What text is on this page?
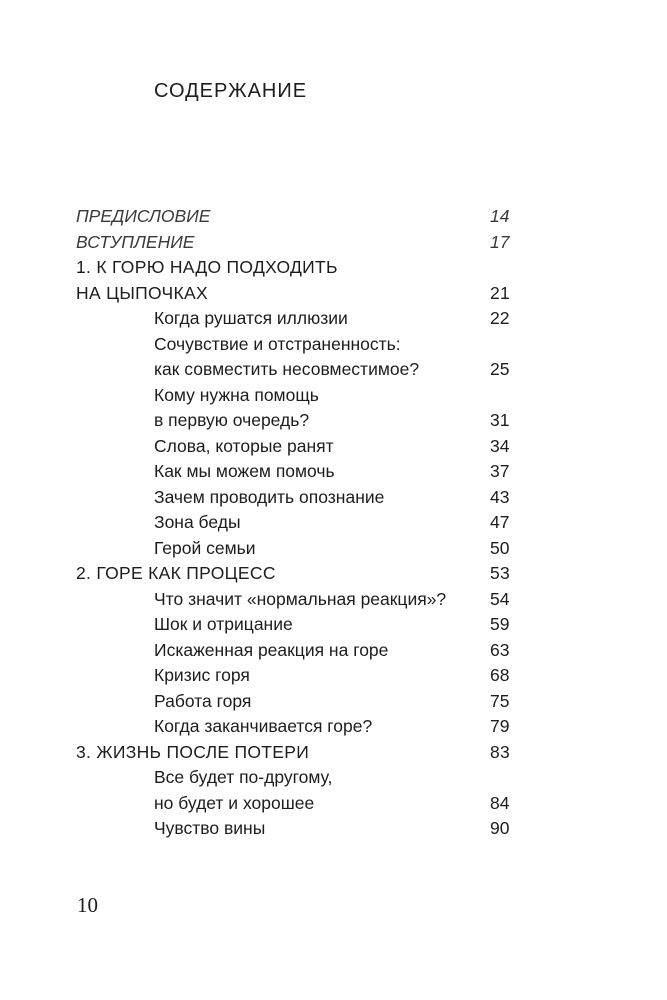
СОДЕРЖАНИЕ
ПРЕДИСЛОВИЕ	14
ВСТУПЛЕНИЕ	17
1. К ГОРЮ НАДО ПОДХОДИТЬ
НА ЦЫПОЧКАХ	21
Когда рушатся иллюзии	22
Сочувствие и отстраненность:
как совместить несовместимое?	25
Кому нужна помощь
в первую очередь?	31
Слова, которые ранят	34
Как мы можем помочь	37
Зачем проводить опознание	43
Зона беды	47
Герой семьи	50
2. ГОРЕ КАК ПРОЦЕСС	53
Что значит «нормальная реакция»?	54
Шок и отрицание	59
Искаженная реакция на горе	63
Кризис горя	68
Работа горя	75
Когда заканчивается горе?	79
3. ЖИЗНЬ ПОСЛЕ ПОТЕРИ	83
Все будет по-другому,
но будет и хорошее	84
Чувство вины	90
10
